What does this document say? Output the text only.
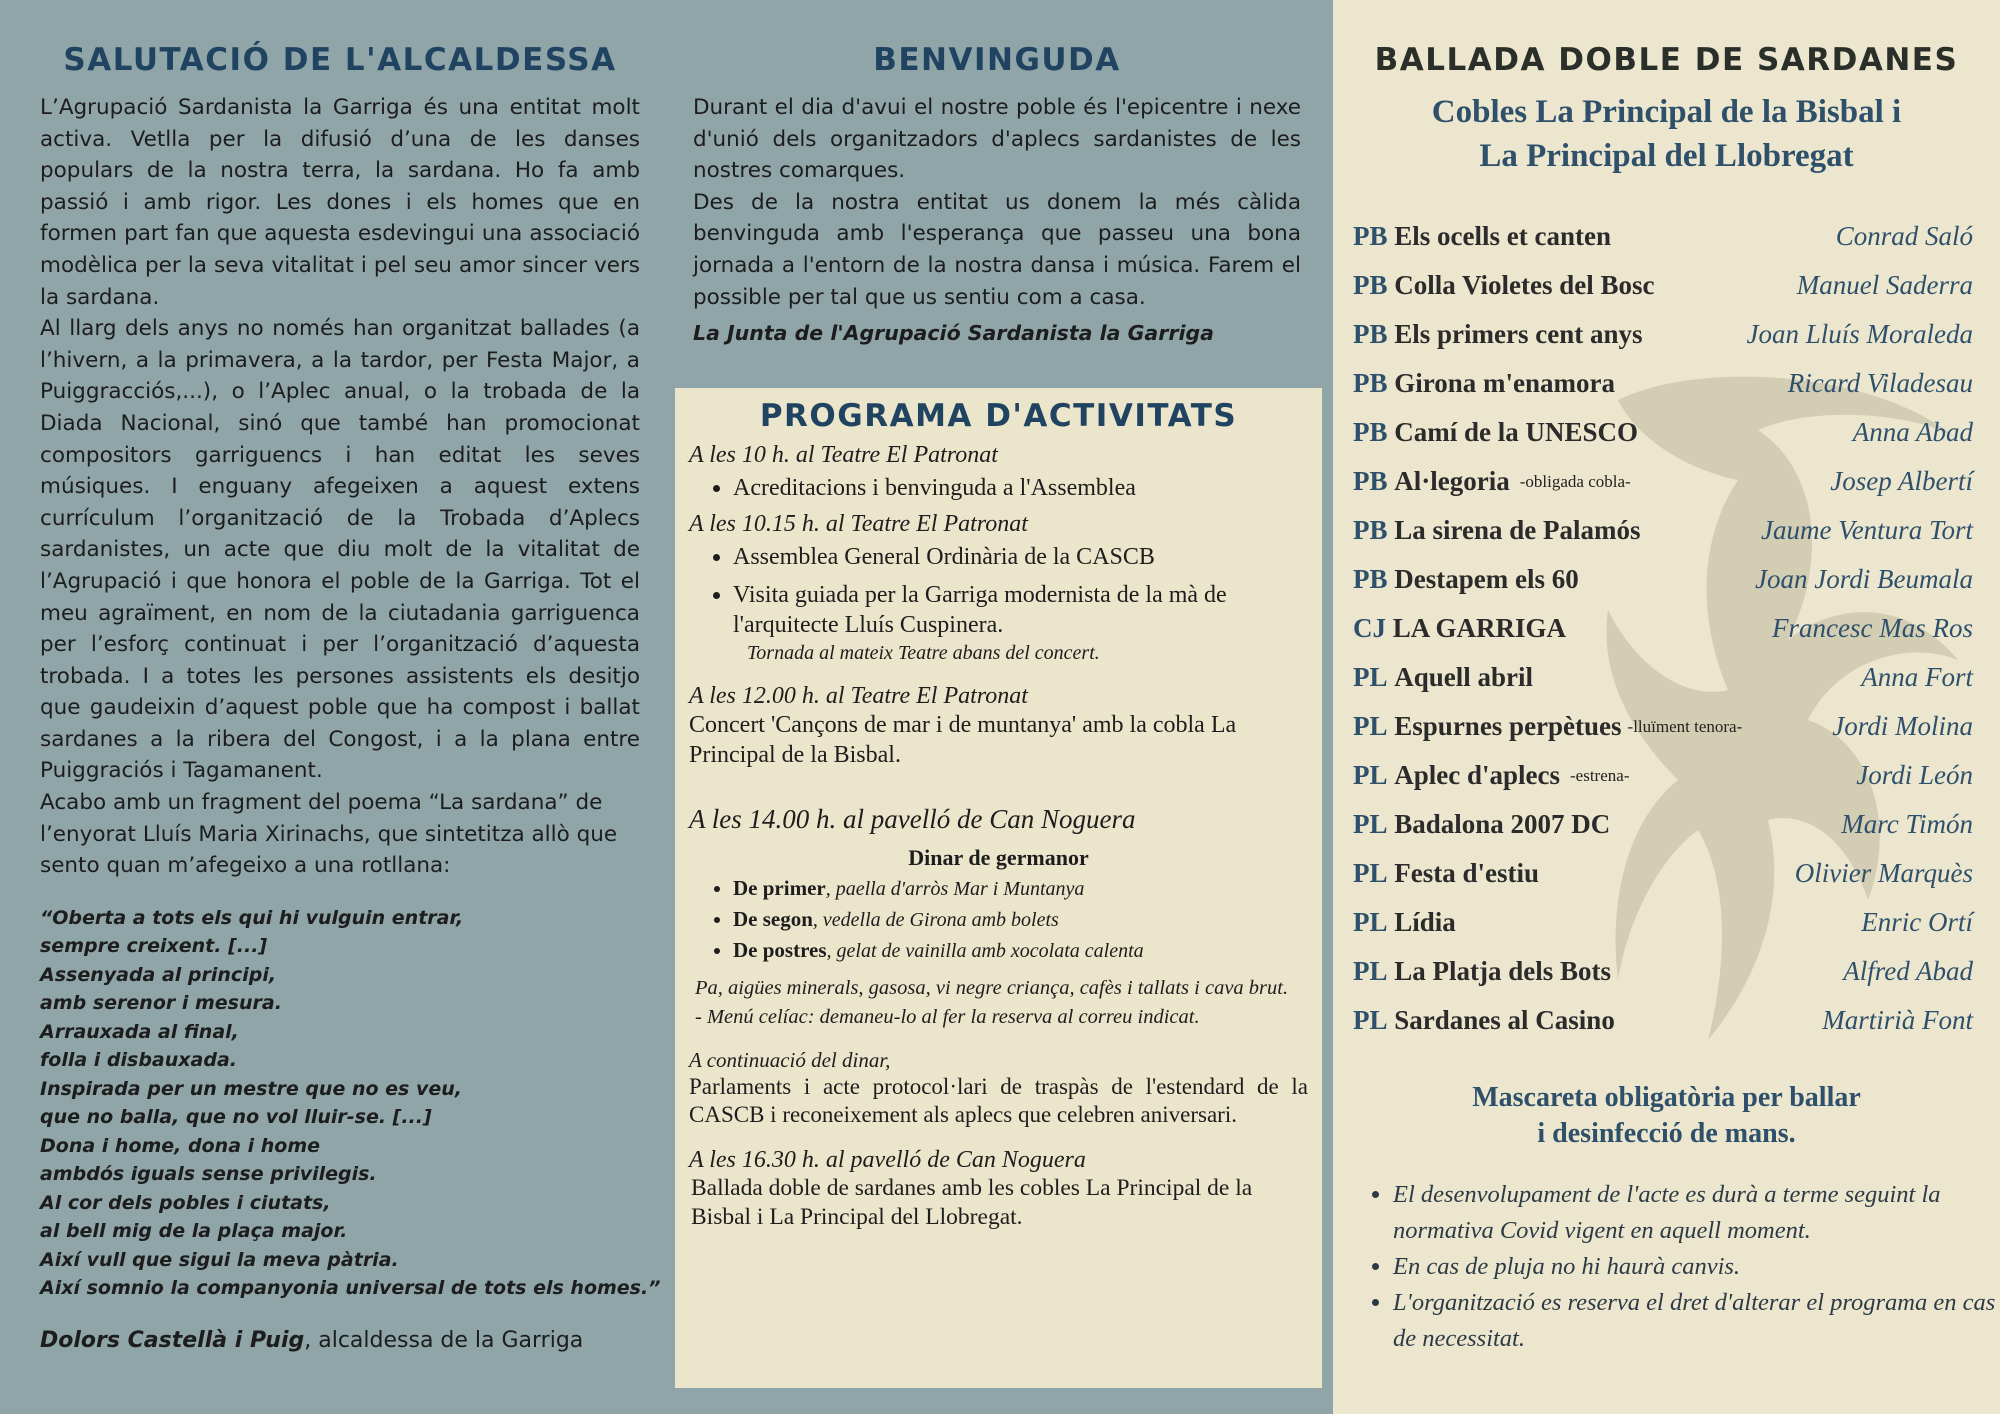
SALUTACIÓ DE L'ALCALDESSA

L’Agrupació Sardanista la Garriga és una entitat molt activa. Vetlla per la difusió d’una de les danses populars de la nostra terra, la sardana. Ho fa amb passió i amb rigor. Les dones i els homes que en formen part fan que aquesta esdevingui una associació modèlica per la seva vitalitat i pel seu amor sincer vers la sardana.

Al llarg dels anys no només han organitzat ballades (a l’hivern, a la primavera, a la tardor, per Festa Major, a Puiggracciós,...), o l’Aplec anual, o la trobada de la Diada Nacional, sinó que també han promocionat compositors garriguencs i han editat les seves músiques. I enguany afegeixen a aquest extens currículum l’organització de la Trobada d’Aplecs sardanistes, un acte que diu molt de la vitalitat de l’Agrupació i que honora el poble de la Garriga. Tot el meu agraïment, en nom de la ciutadania garriguenca per l’esforç continuat i per l’organització d’aquesta trobada. I a totes les persones assistents els desitjo que gaudeixin d’aquest poble que ha compost i ballat sardanes a la ribera del Congost, i a la plana entre Puiggraciós i Tagamanent.

Acabo amb un fragment del poema “La sardana” de l’enyorat Lluís Maria Xirinachs, que sintetitza allò que sento quan m’afegeixo a una rotllana:

“Oberta a tots els qui hi vulguin entrar,
sempre creixent. [...]
Assenyada al principi,
amb serenor i mesura.
Arrauxada al final,
folla i disbauxada.
Inspirada per un mestre que no es veu,
que no balla, que no vol lluir-se. [...]
Dona i home, dona i home
ambdós iguals sense privilegis.
Al cor dels pobles i ciutats,
al bell mig de la plaça major.
Així vull que sigui la meva pàtria.
Així somnio la companyonia universal de tots els homes.”
Dolors Castellà i Puig, alcaldessa de la Garriga
BENVINGUDA

Durant el dia d'avui el nostre poble és l'epicentre i nexe d'unió dels organitzadors d'aplecs sardanistes de les nostres comarques.

Des de la nostra entitat us donem la més càlida benvinguda amb l'esperança que passeu una bona jornada a l'entorn de la nostra dansa i música. Farem el possible per tal que us sentiu com a casa.

La Junta de l'Agrupació Sardanista la Garriga
PROGRAMA D'ACTIVITATS

A les 10 h. al Teatre El Patronat

• Acreditacions i benvinguda a l'Assemblea

A les 10.15 h. al Teatre El Patronat

• Assemblea General Ordinària de la CASCB
• Visita guiada per la Garriga modernista de la mà de l'arquitecte Lluís Cuspinera.

Tornada al mateix Teatre abans del concert.

A les 12.00 h. al Teatre El Patronat

Concert 'Cançons de mar i de muntanya' amb la cobla La Principal de la Bisbal.

A les 14.00 h. al pavelló de Can Noguera

Dinar de germanor
• De primer, paella d'arròs Mar i Muntanya
• De segon, vedella de Girona amb bolets
• De postres, gelat de vainilla amb xocolata calenta

Pa, aigües minerals, gasosa, vi negre criança, cafès i tallats i cava brut.

- Menú celíac: demaneu-lo al fer la reserva al correu indicat.

A continuació del dinar,

Parlaments i acte protocol·lari de traspàs de l'estendard de la CASCB i reconeixement als aplecs que celebren aniversari.

A les 16.30 h. al pavelló de Can Noguera

Ballada doble de sardanes amb les cobles La Principal de la Bisbal i La Principal del Llobregat.

BALLADA DOBLE DE SARDANES
Cobles La Principal de la Bisbal i
La Principal del Llobregat
PB Els ocells et canten	Conrad Saló
PB Colla Violetes del Bosc	Manuel Saderra
PB Els primers cent anys	Joan Lluís Moraleda
PB Girona m'enamora	Ricard Viladesau
PB Camí de la UNESCO	Anna Abad
PB Al·legoria -obligada cobla-	Josep Albertí
PB La sirena de Palamós	Jaume Ventura Tort
PB Destapem els 60	Joan Jordi Beumala
CJ LA GARRIGA	Francesc Mas Ros
PL Aquell abril	Anna Fort
PL Espurnes perpètues -lluïment tenora-	Jordi Molina
PL Aplec d'aplecs -estrena-	Jordi León
PL Badalona 2007 DC	Marc Timón
PL Festa d'estiu	Olivier Marquès
PL Lídia	Enric Ortí
PL La Platja dels Bots	Alfred Abad
PL Sardanes al Casino	Martirià Font
Mascareta obligatòria per ballar
i desinfecció de mans.
• El desenvolupament de l'acte es durà a terme seguint la normativa Covid vigent en aquell moment.
• En cas de pluja no hi haurà canvis.
• L'organització es reserva el dret d'alterar el programa en cas de necessitat.
